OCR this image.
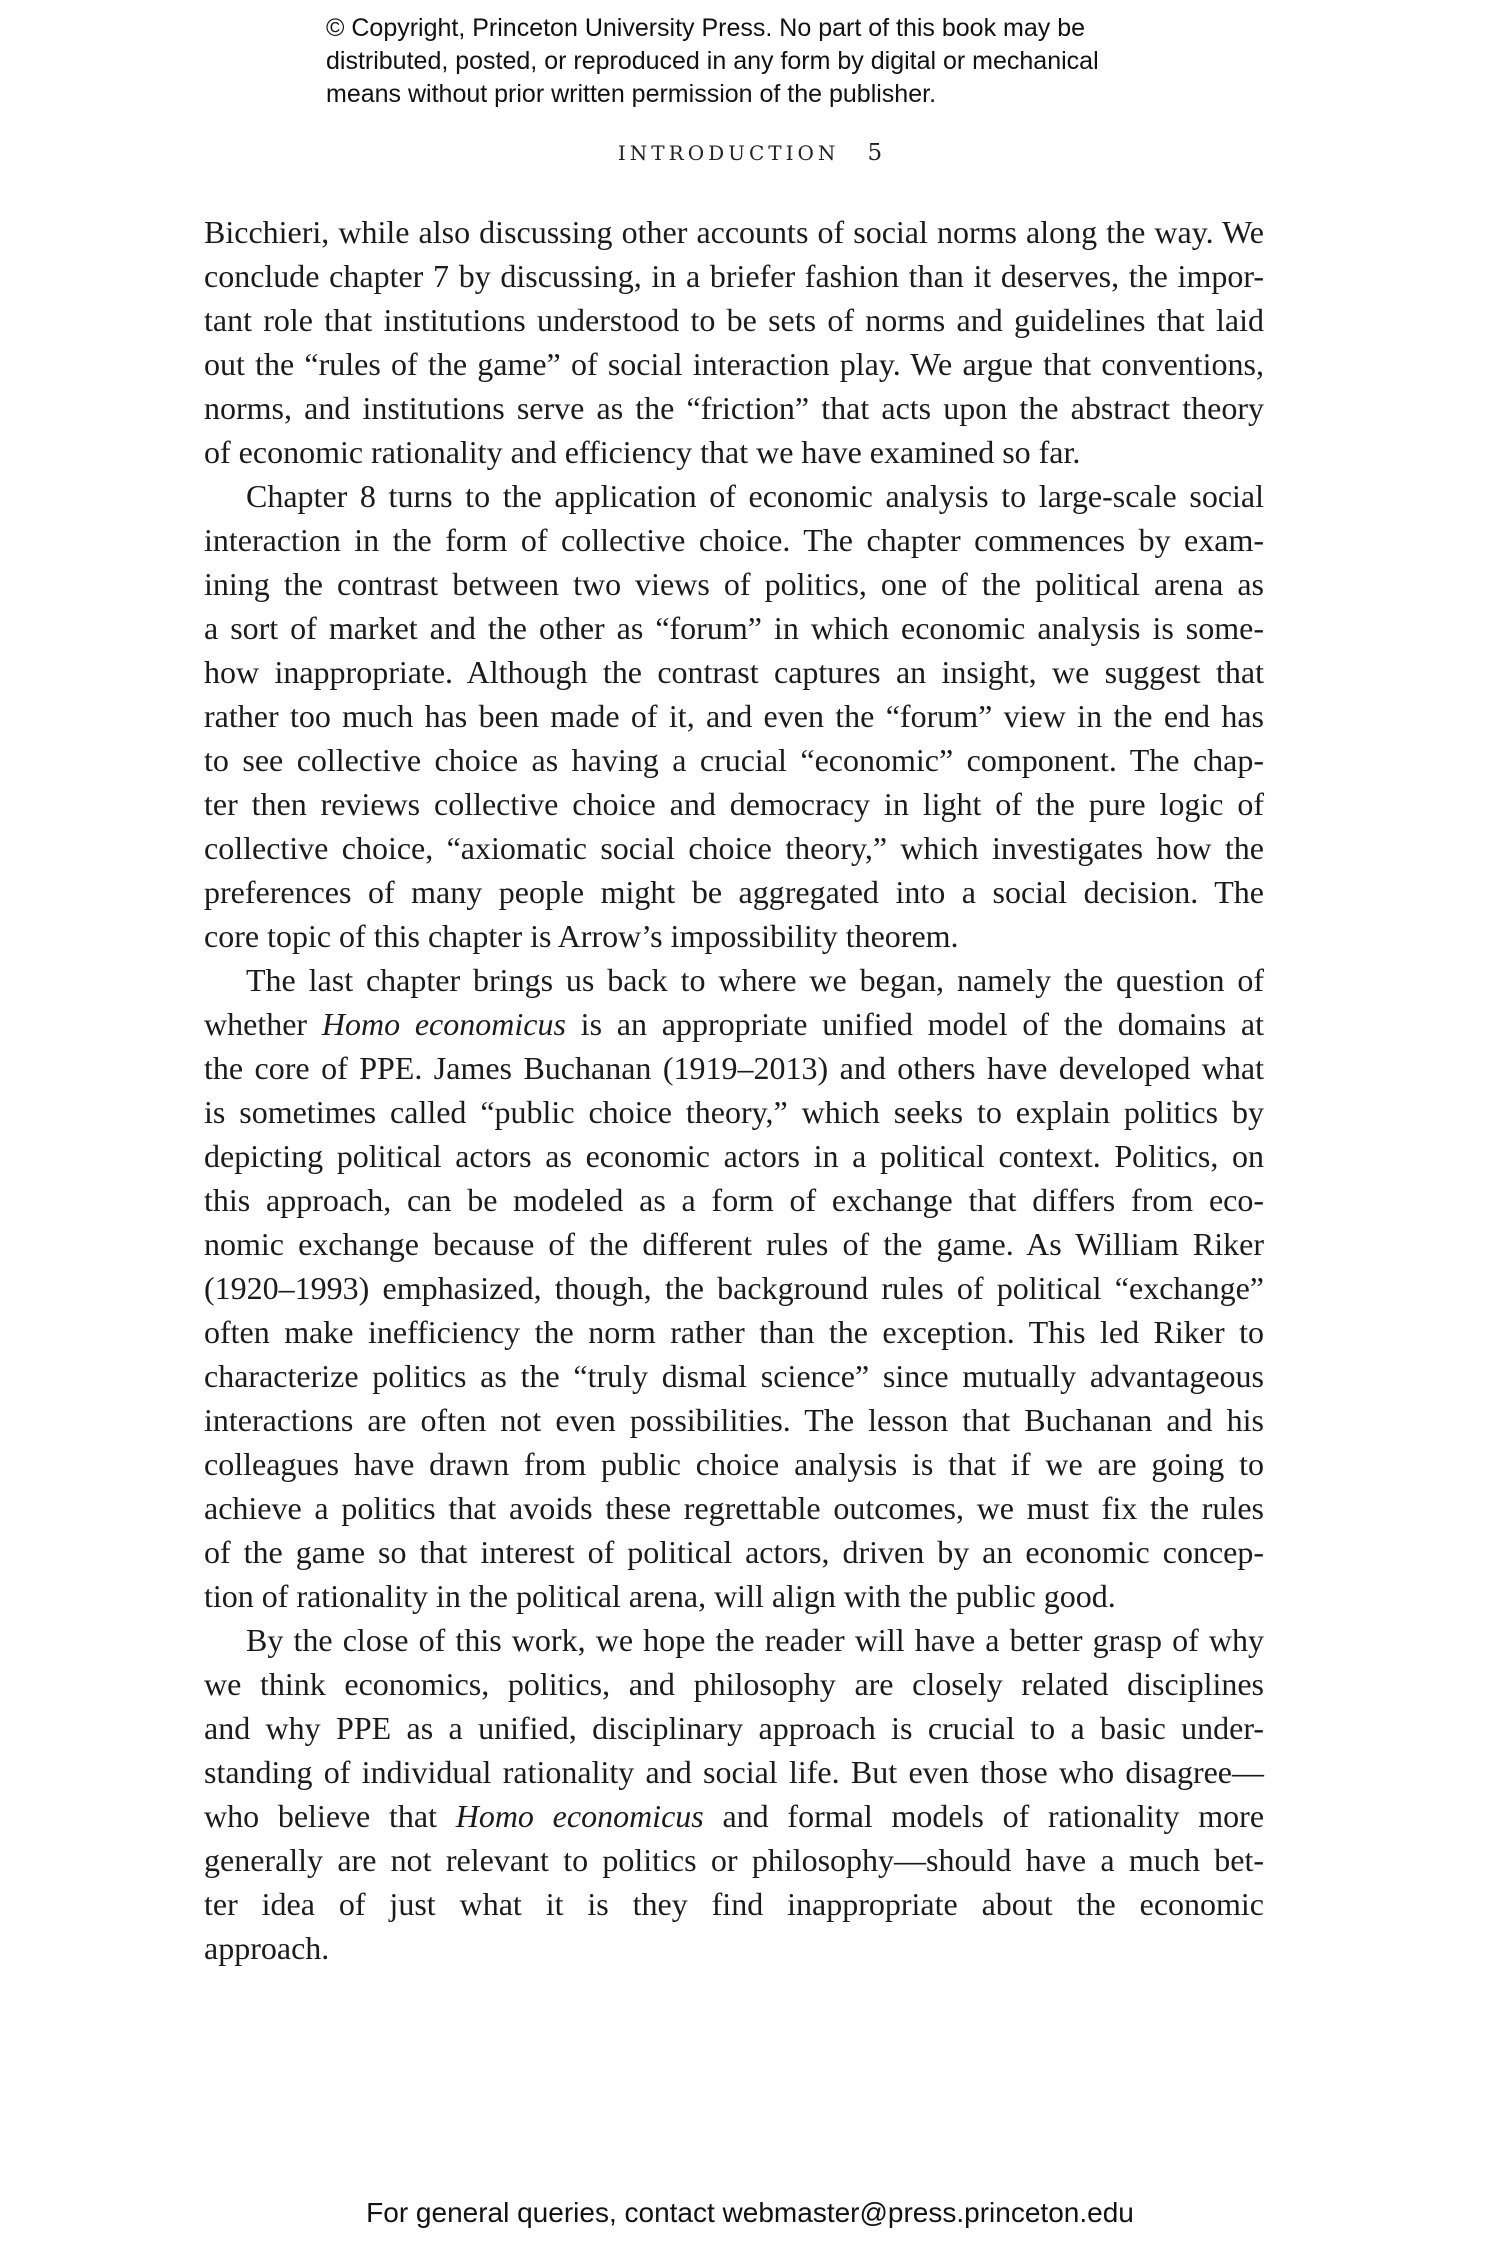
© Copyright, Princeton University Press. No part of this book may be
distributed, posted, or reproduced in any form by digital or mechanical
means without prior written permission of the publisher.
INTRODUCTION 5
Bicchieri, while also discussing other accounts of social norms along the way. We
conclude chapter 7 by discussing, in a briefer fashion than it deserves, the impor-
tant role that institutions understood to be sets of norms and guidelines that laid
out the “rules of the game” of social interaction play. We argue that conventions,
norms, and institutions serve as the “friction” that acts upon the abstract theory
of economic rationality and efficiency that we have examined so far.
Chapter 8 turns to the application of economic analysis to large-scale social
interaction in the form of collective choice. The chapter commences by exam-
ining the contrast between two views of politics, one of the political arena as
a sort of market and the other as “forum” in which economic analysis is some-
how inappropriate. Although the contrast captures an insight, we suggest that
rather too much has been made of it, and even the “forum” view in the end has
to see collective choice as having a crucial “economic” component. The chap-
ter then reviews collective choice and democracy in light of the pure logic of
collective choice, “axiomatic social choice theory,” which investigates how the
preferences of many people might be aggregated into a social decision. The
core topic of this chapter is Arrow’s impossibility theorem.
The last chapter brings us back to where we began, namely the question of
whether Homo economicus is an appropriate unified model of the domains at
the core of PPE. James Buchanan (1919–2013) and others have developed what
is sometimes called “public choice theory,” which seeks to explain politics by
depicting political actors as economic actors in a political context. Politics, on
this approach, can be modeled as a form of exchange that differs from eco-
nomic exchange because of the different rules of the game. As William Riker
(1920–1993) emphasized, though, the background rules of political “exchange”
often make inefficiency the norm rather than the exception. This led Riker to
characterize politics as the “truly dismal science” since mutually advantageous
interactions are often not even possibilities. The lesson that Buchanan and his
colleagues have drawn from public choice analysis is that if we are going to
achieve a politics that avoids these regrettable outcomes, we must fix the rules
of the game so that interest of political actors, driven by an economic concep-
tion of rationality in the political arena, will align with the public good.
By the close of this work, we hope the reader will have a better grasp of why
we think economics, politics, and philosophy are closely related disciplines
and why PPE as a unified, disciplinary approach is crucial to a basic under-
standing of individual rationality and social life. But even those who disagree—
who believe that Homo economicus and formal models of rationality more
generally are not relevant to politics or philosophy—should have a much bet-
ter idea of just what it is they find inappropriate about the economic
approach.
For general queries, contact webmaster@press.princeton.edu
